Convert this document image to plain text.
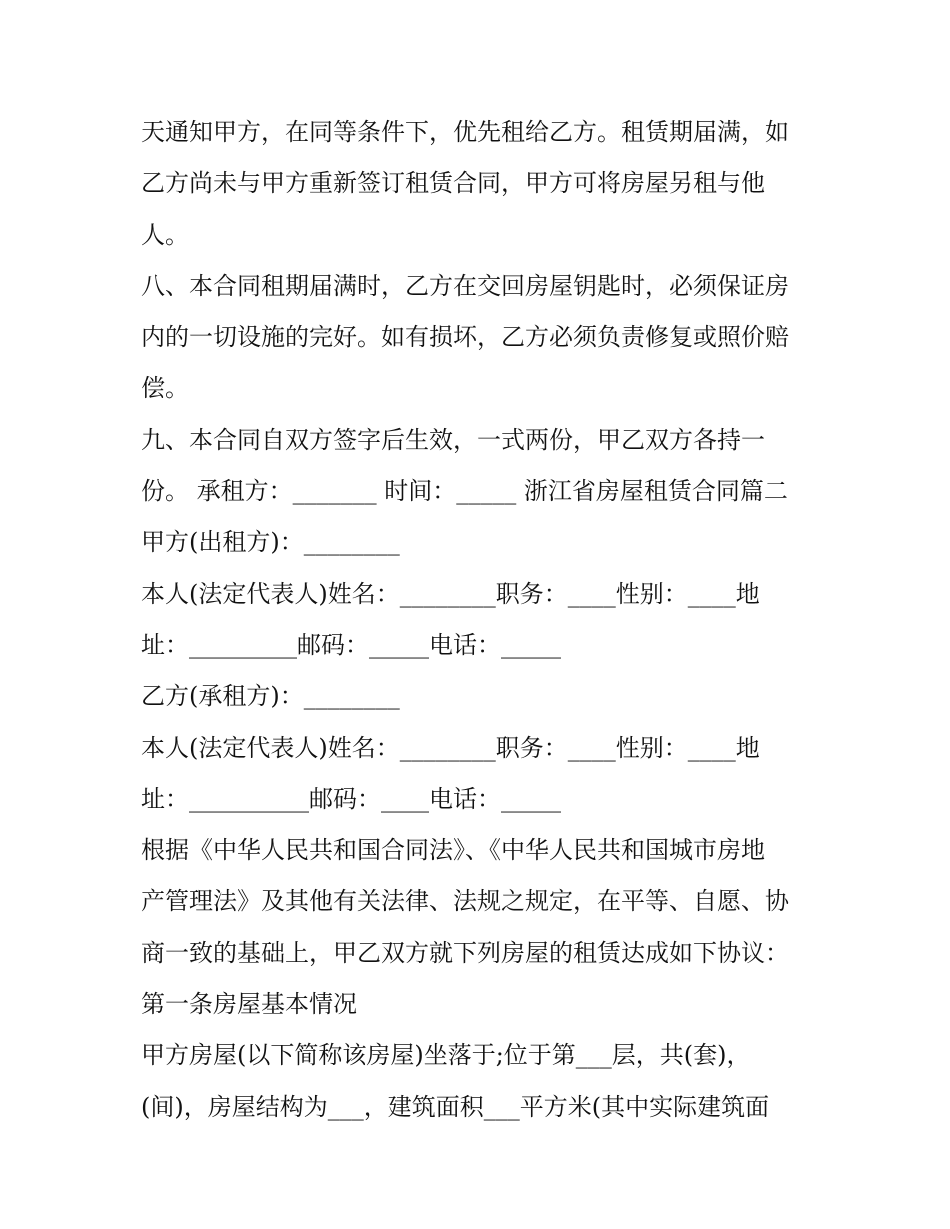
天通知甲方，在同等条件下，优先租给乙方。租赁期届满，如
乙方尚未与甲方重新签订租赁合同，甲方可将房屋另租与他
人。
八、本合同租期届满时，乙方在交回房屋钥匙时，必须保证房
内的一切设施的完好。如有损坏，乙方必须负责修复或照价赔
偿。
九、本合同自双方签字后生效，一式两份，甲乙双方各持一
份。 承租方：_______ 时间：_____ 浙江省房屋租赁合同篇二
甲方(出租方)：________
本人(法定代表人)姓名：________职务：____性别：____地
址：_________邮码：_____电话：_____
乙方(承租方)：________
本人(法定代表人)姓名：________职务：____性别：____地
址：__________邮码：____电话：_____
根据《中华人民共和国合同法》、《中华人民共和国城市房地
产管理法》及其他有关法律、法规之规定，在平等、自愿、协
商一致的基础上，甲乙双方就下列房屋的租赁达成如下协议：
第一条房屋基本情况
甲方房屋(以下简称该房屋)坐落于;位于第___层，共(套)，
(间)，房屋结构为___，建筑面积___平方米(其中实际建筑面
